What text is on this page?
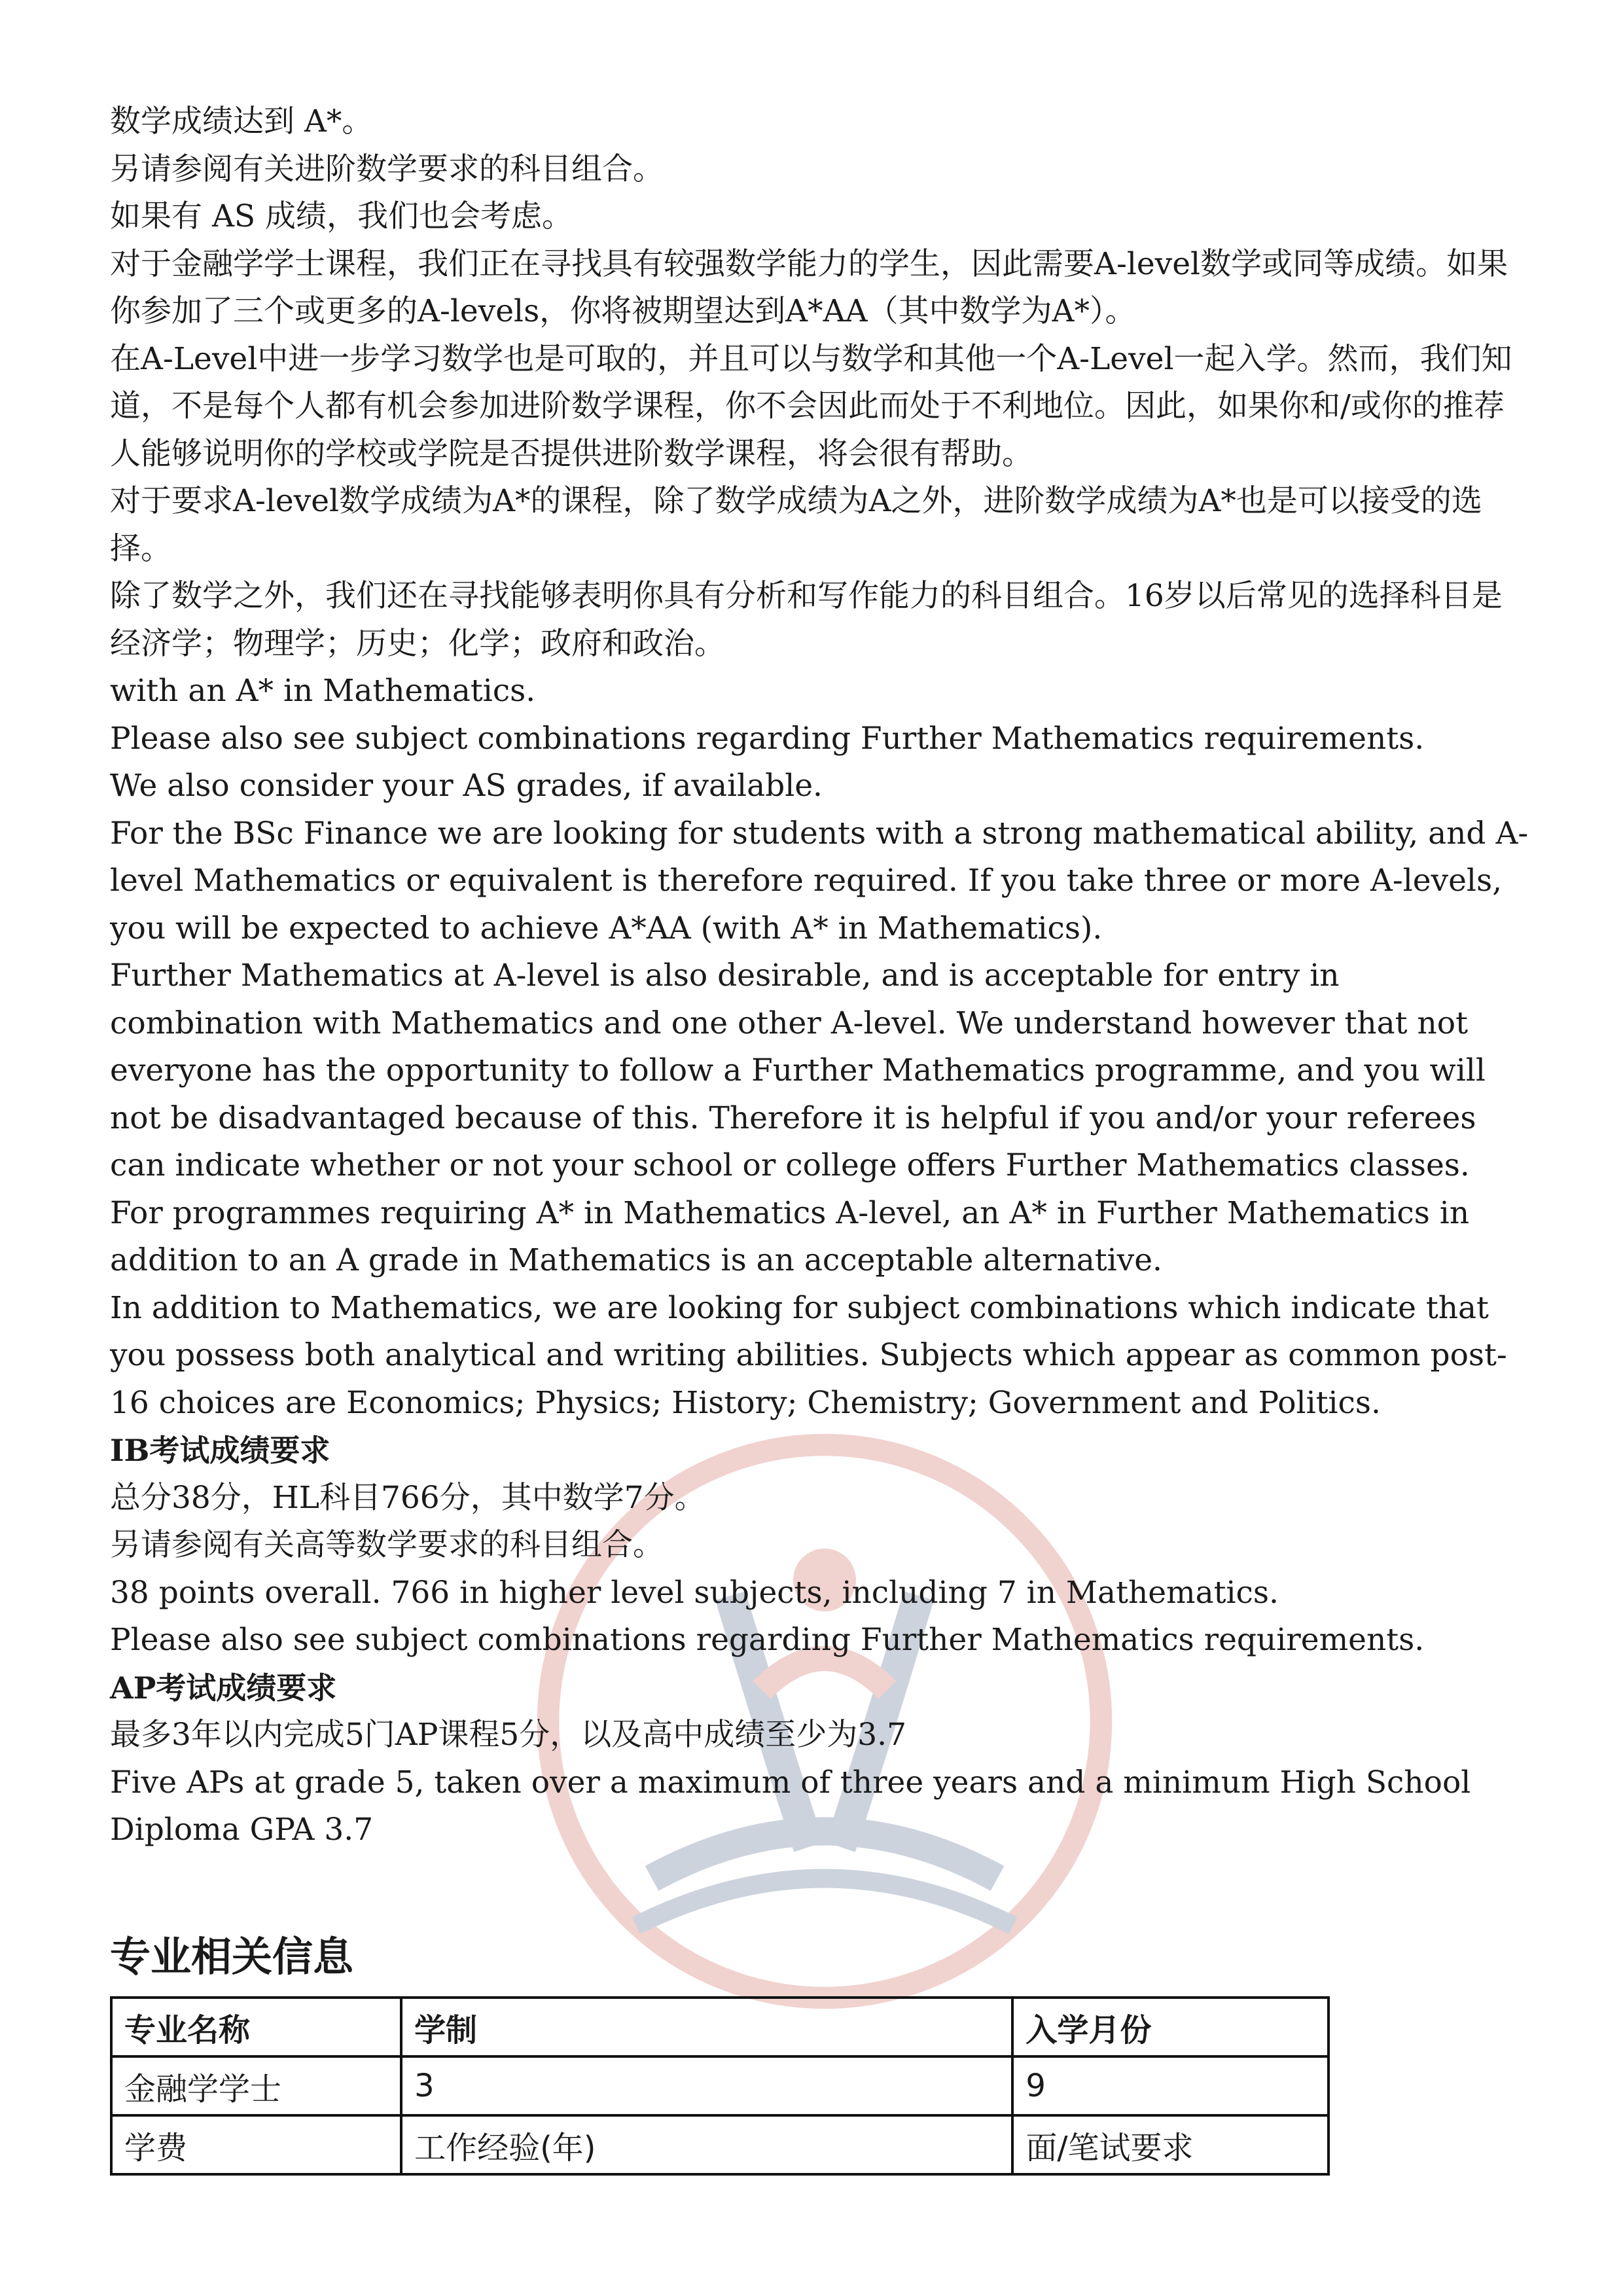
数学成绩达到 A*。

另请参阅有关进阶数学要求的科目组合。

如果有 AS 成绩，我们也会考虑。

对于金融学学士课程，我们正在寻找具有较强数学能力的学生，因此需要A-level数学或同等成绩。如果你参加了三个或更多的A-levels，你将被期望达到A*AA（其中数学为A*）。

在A-Level中进一步学习数学也是可取的，并且可以与数学和其他一个A-Level一起入学。然而，我们知道，不是每个人都有机会参加进阶数学课程，你不会因此而处于不利地位。因此，如果你和/或你的推荐人能够说明你的学校或学院是否提供进阶数学课程，将会很有帮助。

对于要求A-level数学成绩为A*的课程，除了数学成绩为A之外，进阶数学成绩为A*也是可以接受的选择。

除了数学之外，我们还在寻找能够表明你具有分析和写作能力的科目组合。16岁以后常见的选择科目是经济学；物理学；历史；化学；政府和政治。

with an A* in Mathematics.

Please also see subject combinations regarding Further Mathematics requirements.

We also consider your AS grades, if available.

For the BSc Finance we are looking for students with a strong mathematical ability, and A-level Mathematics or equivalent is therefore required. If you take three or more A-levels, you will be expected to achieve A*AA (with A* in Mathematics).

Further Mathematics at A-level is also desirable, and is acceptable for entry in combination with Mathematics and one other A-level. We understand however that not everyone has the opportunity to follow a Further Mathematics programme, and you will not be disadvantaged because of this. Therefore it is helpful if you and/or your referees can indicate whether or not your school or college offers Further Mathematics classes.

For programmes requiring A* in Mathematics A-level, an A* in Further Mathematics in addition to an A grade in Mathematics is an acceptable alternative.

In addition to Mathematics, we are looking for subject combinations which indicate that you possess both analytical and writing abilities. Subjects which appear as common post-16 choices are Economics; Physics; History; Chemistry; Government and Politics.

IB考试成绩要求

总分38分，HL科目766分，其中数学7分。

另请参阅有关高等数学要求的科目组合。

38 points overall. 766 in higher level subjects, including 7 in Mathematics.

Please also see subject combinations regarding Further Mathematics requirements.

AP考试成绩要求

最多3年以内完成5门AP课程5分，以及高中成绩至少为3.7

Five APs at grade 5, taken over a maximum of three years and a minimum High School Diploma GPA 3.7

专业相关信息
专业名称	学制	入学月份
金融学学士	3	9
学费	工作经验(年)	面/笔试要求
